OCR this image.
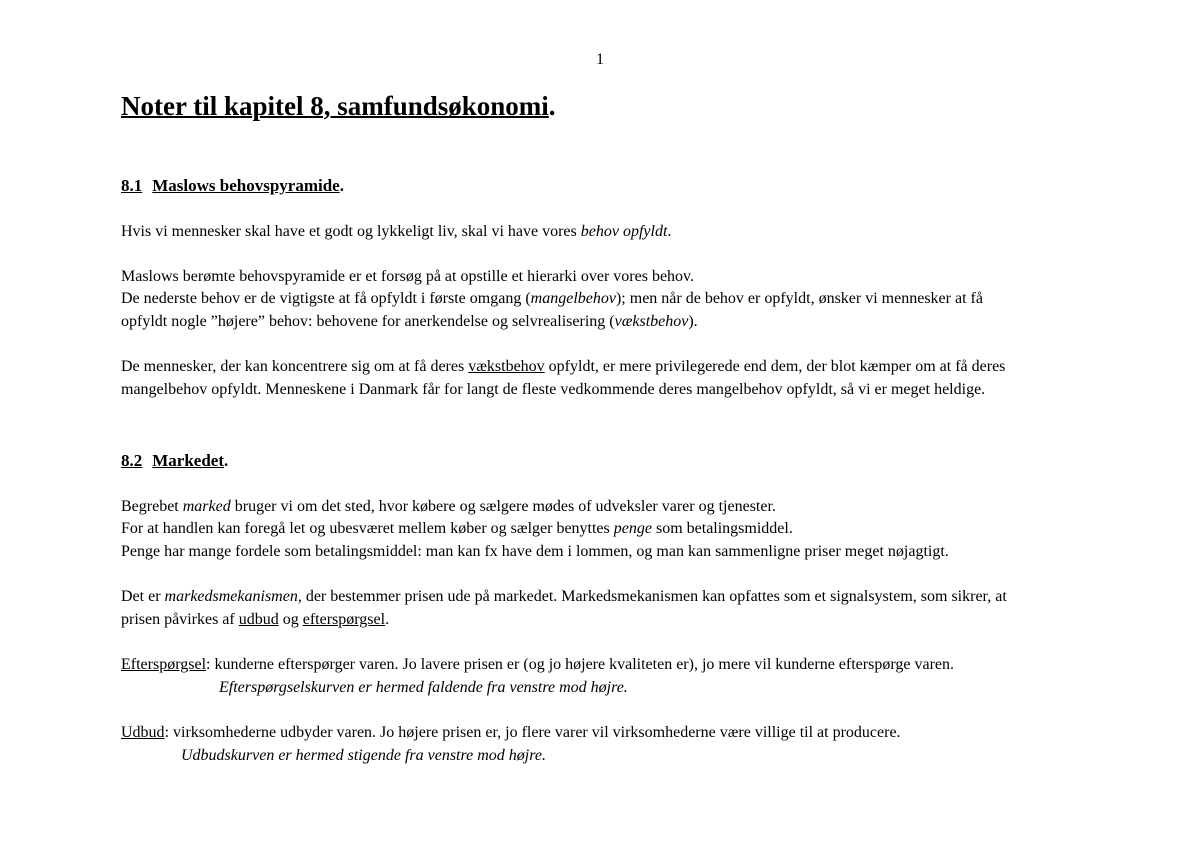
1
Noter til kapitel 8, samfundsøkonomi.
8.1 Maslows behovspyramide.
Hvis vi mennesker skal have et godt og lykkeligt liv, skal vi have vores behov opfyldt.
Maslows berømte behovspyramide er et forsøg på at opstille et hierarki over vores behov.
De nederste behov er de vigtigste at få opfyldt i første omgang (mangelbehov); men når de behov er opfyldt, ønsker vi mennesker at få
opfyldt nogle ”højere” behov: behovene for anerkendelse og selvrealisering (vækstbehov).
De mennesker, der kan koncentrere sig om at få deres vækstbehov opfyldt, er mere privilegerede end dem, der blot kæmper om at få deres
mangelbehov opfyldt. Menneskene i Danmark får for langt de fleste vedkommende deres mangelbehov opfyldt, så vi er meget heldige.
8.2 Markedet.
Begrebet marked bruger vi om det sted, hvor købere og sælgere mødes of udveksler varer og tjenester.
For at handlen kan foregå let og ubesværet mellem køber og sælger benyttes penge som betalingsmiddel.
Penge har mange fordele som betalingsmiddel: man kan fx have dem i lommen, og man kan sammenligne priser meget nøjagtigt.
Det er markedsmekanismen, der bestemmer prisen ude på markedet. Markedsmekanismen kan opfattes som et signalsystem, som sikrer, at
prisen påvirkes af udbud og efterspørgsel.
Efterspørgsel: kunderne efterspørger varen. Jo lavere prisen er (og jo højere kvaliteten er), jo mere vil kunderne efterspørge varen.
Efterspørgselskurven er hermed faldende fra venstre mod højre.
Udbud: virksomhederne udbyder varen. Jo højere prisen er, jo flere varer vil virksomhederne være villige til at producere.
Udbudskurven er hermed stigende fra venstre mod højre.
